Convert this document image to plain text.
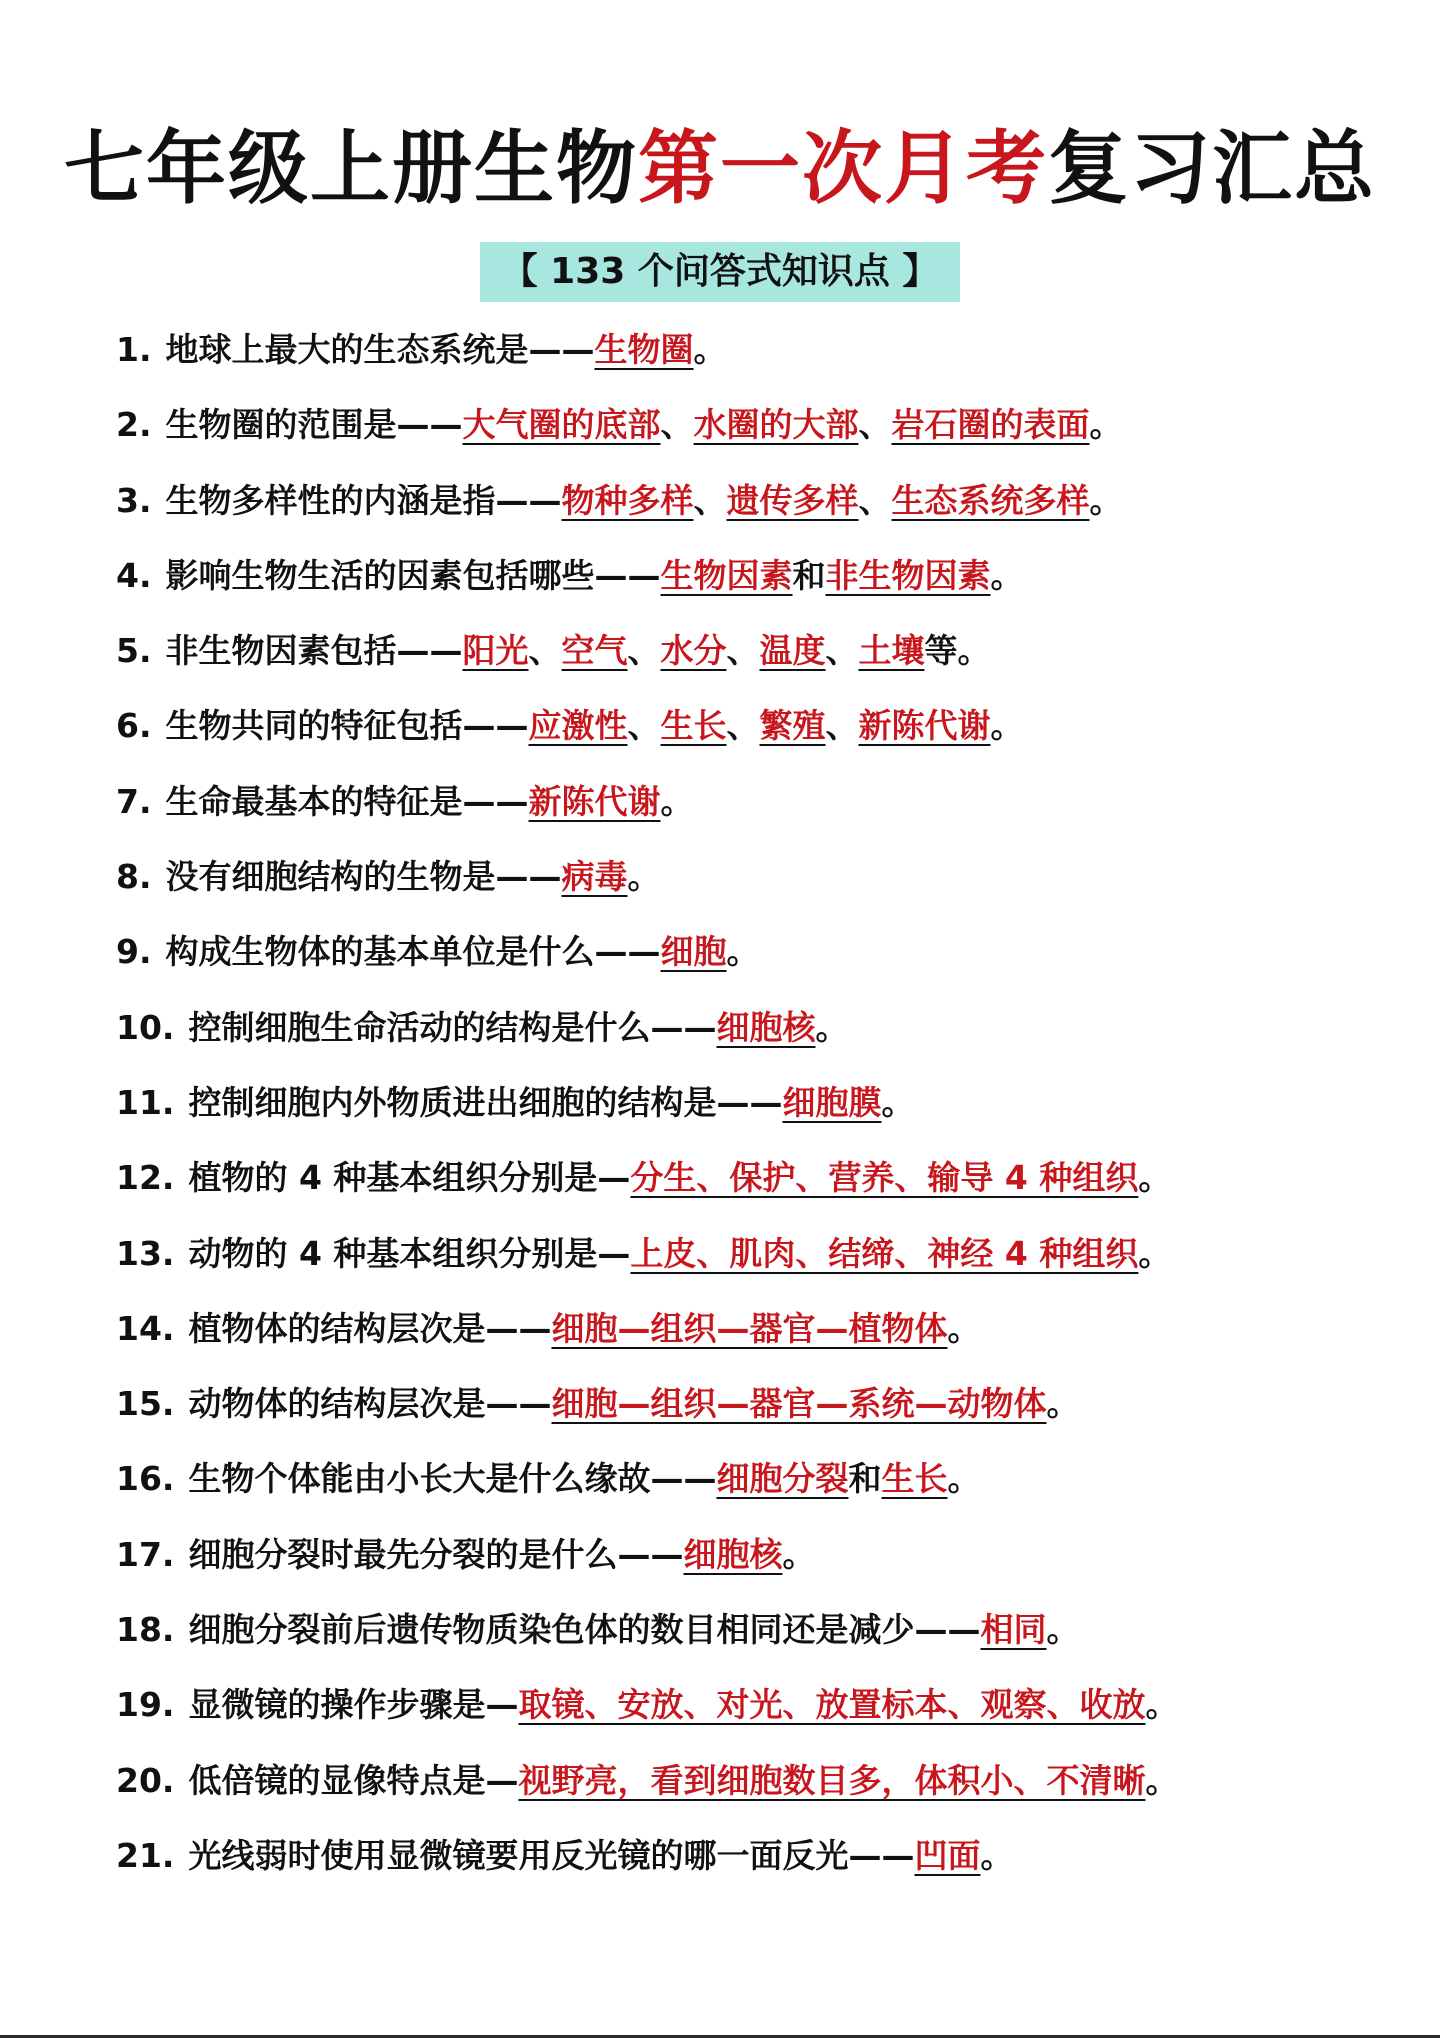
七年级上册生物第一次月考复习汇总
【 133 个问答式知识点 】
1. 地球上最大的生态系统是——生物圈。
2. 生物圈的范围是——大气圈的底部、水圈的大部、岩石圈的表面。
3. 生物多样性的内涵是指——物种多样、遗传多样、生态系统多样。
4. 影响生物生活的因素包括哪些——生物因素和非生物因素。
5. 非生物因素包括——阳光、空气、水分、温度、土壤等。
6. 生物共同的特征包括——应激性、生长、繁殖、新陈代谢。
7. 生命最基本的特征是——新陈代谢。
8. 没有细胞结构的生物是——病毒。
9. 构成生物体的基本单位是什么——细胞。
10. 控制细胞生命活动的结构是什么——细胞核。
11. 控制细胞内外物质进出细胞的结构是——细胞膜。
12. 植物的 4 种基本组织分别是—分生、保护、营养、输导 4 种组织。
13. 动物的 4 种基本组织分别是—上皮、肌肉、结缔、神经 4 种组织。
14. 植物体的结构层次是——细胞—组织—器官—植物体。
15. 动物体的结构层次是——细胞—组织—器官—系统—动物体。
16. 生物个体能由小长大是什么缘故——细胞分裂和生长。
17. 细胞分裂时最先分裂的是什么——细胞核。
18. 细胞分裂前后遗传物质染色体的数目相同还是减少——相同。
19. 显微镜的操作步骤是—取镜、安放、对光、放置标本、观察、收放。
20. 低倍镜的显像特点是—视野亮，看到细胞数目多，体积小、不清晰。
21. 光线弱时使用显微镜要用反光镜的哪一面反光——凹面。
